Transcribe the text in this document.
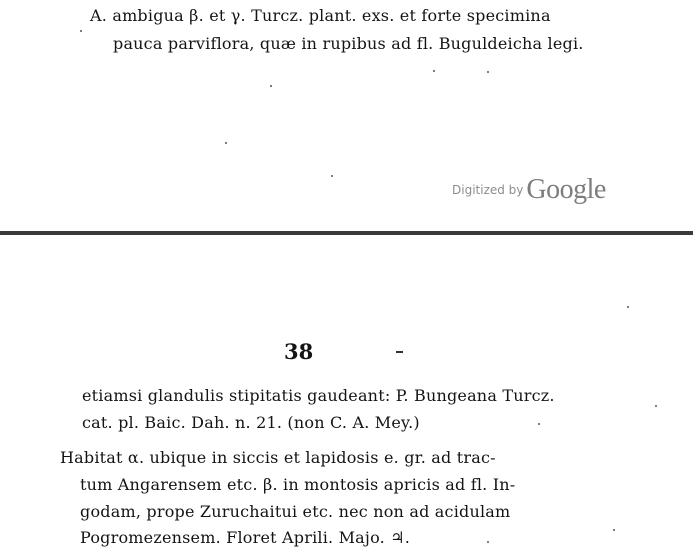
A. ambigua β. et γ. Turcz. plant. exs. et forte specimina
pauca parviflora, quæ in rupibus ad fl. Buguldeicha legi.
Digitized by Google
38
etiamsi glandulis stipitatis gaudeant: P. Bungeana Turcz.
cat. pl. Baic. Dah. n. 21. (non C. A. Mey.)
Habitat α. ubique in siccis et lapidosis e. gr. ad trac-
tum Angarensem etc. β. in montosis apricis ad fl. In-
godam, prope Zuruchaitui etc. nec non ad acidulam
Pogromezensem. Floret Aprili. Majo. ♃.
